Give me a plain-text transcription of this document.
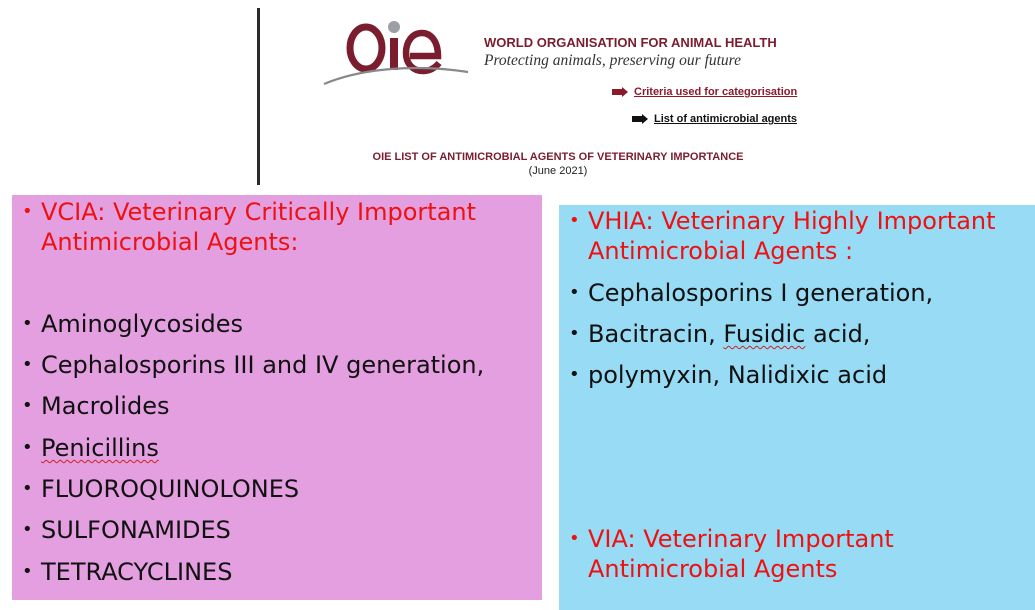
WORLD ORGANISATION FOR ANIMAL HEALTH
Protecting animals, preserving our future
Criteria used for categorisation
List of antimicrobial agents
OIE LIST OF ANTIMICROBIAL AGENTS OF VETERINARY IMPORTANCE
(June 2021)
• VCIA: Veterinary Critically Important
Antimicrobial Agents:
• Aminoglycosides
• Cephalosporins III and IV generation,
• Macrolides
• Penicillins
• FLUOROQUINOLONES
• SULFONAMIDES
• TETRACYCLINES
• VHIA: Veterinary Highly Important
Antimicrobial Agents :
• Cephalosporins I generation,
• Bacitracin, Fusidic acid,
• polymyxin, Nalidixic acid
• VIA: Veterinary Important
Antimicrobial Agents
